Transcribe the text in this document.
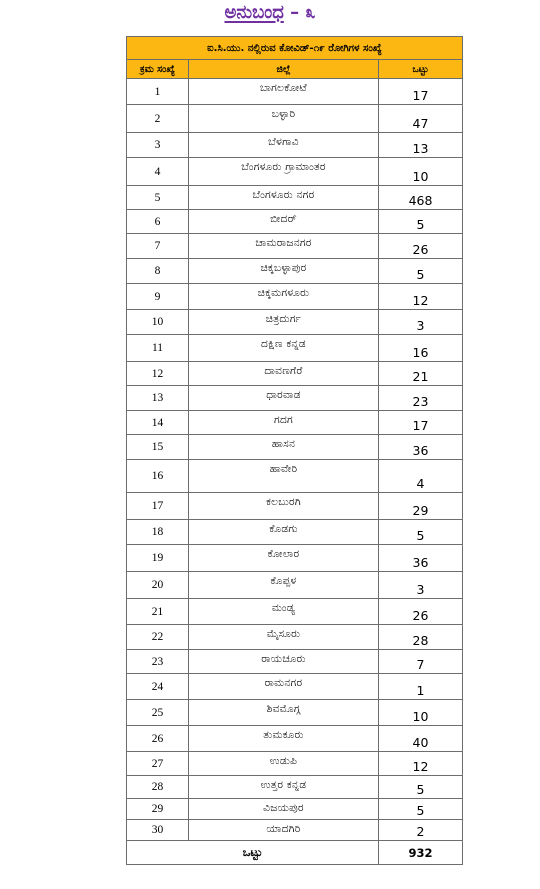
ಅನುಬಂಧ – ೩
ಐ.ಸಿ.ಯು. ನಲ್ಲಿರುವ ಕೋವಿಡ್-೧೯ ರೋಗಿಗಳ ಸಂಖ್ಯೆ		
ಕ್ರಮ ಸಂಖ್ಯೆ	ಜಿಲ್ಲೆ	ಒಟ್ಟು
1	ಬಾಗಲಕೋಟೆ	17
2	ಬಳ್ಳಾರಿ	47
3	ಬೆಳಗಾವಿ	13
4	ಬೆಂಗಳೂರು ಗ್ರಾಮಾಂತರ	10
5	ಬೆಂಗಳೂರು ನಗರ	468
6	ಬೀದರ್	5
7	ಚಾಮರಾಜನಗರ	26
8	ಚಿಕ್ಕಬಳ್ಳಾಪುರ	5
9	ಚಿಕ್ಕಮಗಳೂರು	12
10	ಚಿತ್ರದುರ್ಗ	3
11	ದಕ್ಷಿಣ ಕನ್ನಡ	16
12	ದಾವಣಗೆರೆ	21
13	ಧಾರವಾಡ	23
14	ಗದಗ	17
15	ಹಾಸನ	36
16	ಹಾವೇರಿ	4
17	ಕಲಬುರಗಿ	29
18	ಕೊಡಗು	5
19	ಕೋಲಾರ	36
20	ಕೊಪ್ಪಳ	3
21	ಮಂಡ್ಯ	26
22	ಮೈಸೂರು	28
23	ರಾಯಚೂರು	7
24	ರಾಮನಗರ	1
25	ಶಿವಮೊಗ್ಗ	10
26	ತುಮಕೂರು	40
27	ಉಡುಪಿ	12
28	ಉತ್ತರ ಕನ್ನಡ	5
29	ವಿಜಯಪುರ	5
30	ಯಾದಗಿರಿ	2
ಒಟ್ಟು		932
